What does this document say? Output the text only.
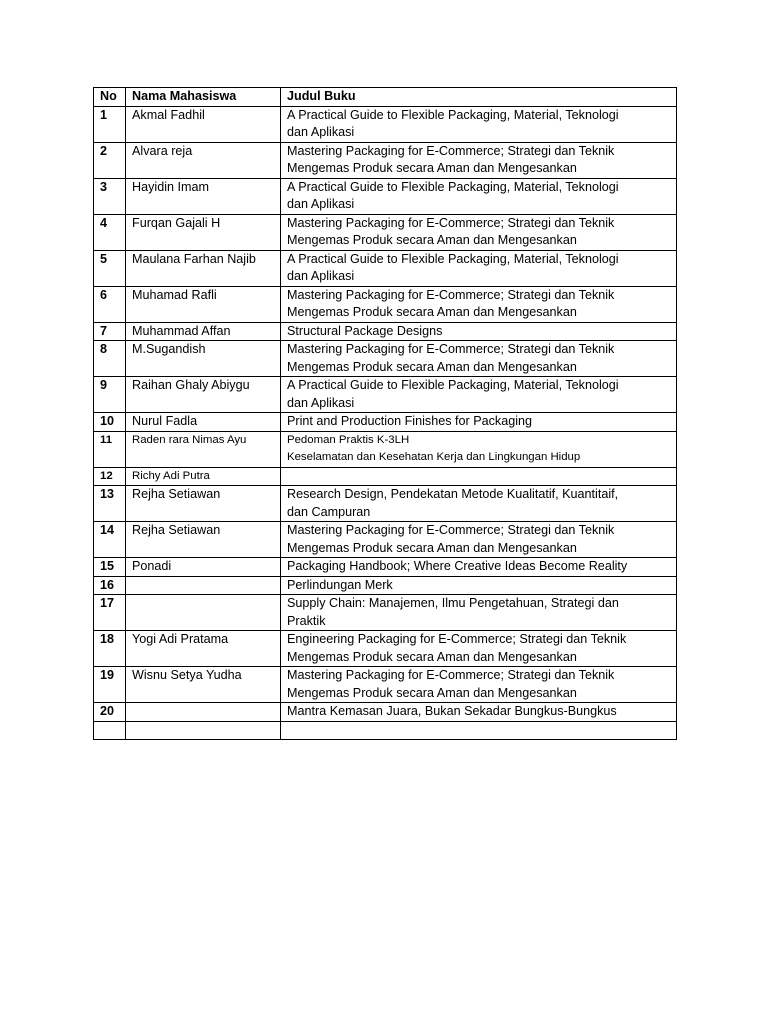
No	Nama Mahasiswa	Judul Buku
1	Akmal Fadhil	A Practical Guide to Flexible Packaging, Material, Teknologi
dan Aplikasi

2	Alvara reja	Mastering Packaging for E-Commerce; Strategi dan Teknik
Mengemas Produk secara Aman dan Mengesankan

3	Hayidin Imam	A Practical Guide to Flexible Packaging, Material, Teknologi
dan Aplikasi

4	Furqan Gajali H	Mastering Packaging for E-Commerce; Strategi dan Teknik
Mengemas Produk secara Aman dan Mengesankan

5	Maulana Farhan Najib	A Practical Guide to Flexible Packaging, Material, Teknologi
dan Aplikasi

6	Muhamad Rafli	Mastering Packaging for E-Commerce; Strategi dan Teknik
Mengemas Produk secara Aman dan Mengesankan

7	Muhammad Affan	Structural Package Designs

8	M.Sugandish	Mastering Packaging for E-Commerce; Strategi dan Teknik
Mengemas Produk secara Aman dan Mengesankan

9	Raihan Ghaly Abiygu	A Practical Guide to Flexible Packaging, Material, Teknologi
dan Aplikasi

10	Nurul Fadla	Print and Production Finishes for Packaging

11	Raden rara Nimas Ayu	Pedoman Praktis K-3LH
Keselamatan dan Kesehatan Kerja dan Lingkungan Hidup

12	Richy Adi Putra	

13	Rejha Setiawan	Research Design, Pendekatan Metode Kualitatif, Kuantitaif,
dan Campuran

14	Rejha Setiawan	Mastering Packaging for E-Commerce; Strategi dan Teknik
Mengemas Produk secara Aman dan Mengesankan

15	Ponadi	Packaging Handbook; Where Creative Ideas Become Reality

16		Perlindungan Merk

17		Supply Chain: Manajemen, Ilmu Pengetahuan, Strategi dan
Praktik

18	Yogi Adi Pratama	Engineering Packaging for E-Commerce; Strategi dan Teknik
Mengemas Produk secara Aman dan Mengesankan

19	Wisnu Setya Yudha	Mastering Packaging for E-Commerce; Strategi dan Teknik
Mengemas Produk secara Aman dan Mengesankan

20		Mantra Kemasan Juara, Bukan Sekadar Bungkus-Bungkus
